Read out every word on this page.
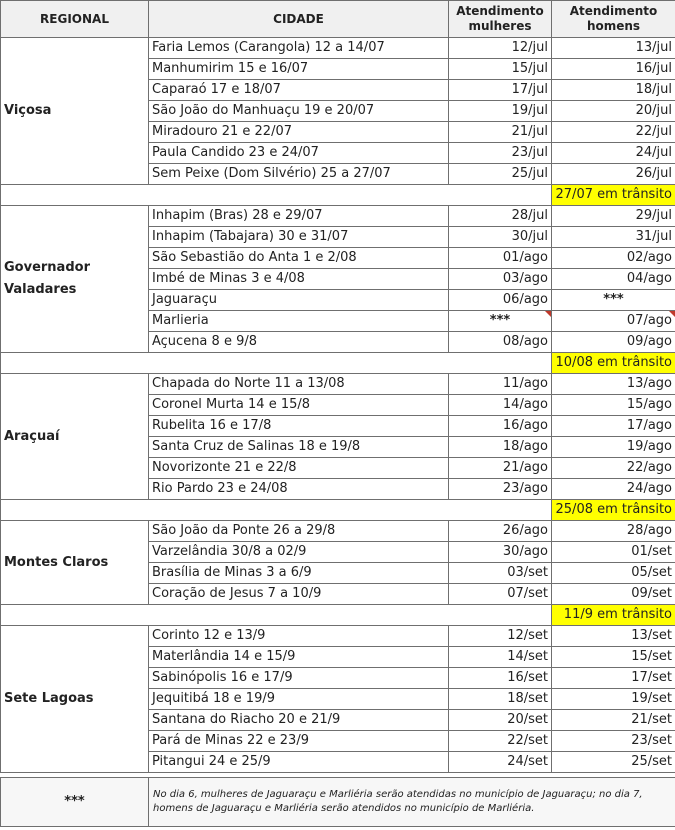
REGIONAL	CIDADE	Atendimento mulheres	Atendimento homens
Viçosa	Faria Lemos (Carangola) 12 a 14/07	12/jul	13/jul
	Manhumirim 15 e 16/07	15/jul	16/jul
	Caparaó 17 e 18/07	17/jul	18/jul
	São João do Manhuaçu 19 e 20/07	19/jul	20/jul
	Miradouro 21 e 22/07	21/jul	22/jul
	Paula Candido 23 e 24/07	23/jul	24/jul
	Sem Peixe (Dom Silvério) 25 a 27/07	25/jul	26/jul
			27/07 em trânsito
Governador Valadares	Inhapim (Bras) 28 e 29/07	28/jul	29/jul
	Inhapim (Tabajara) 30 e 31/07	30/jul	31/jul
	São Sebastião do Anta 1 e 2/08	01/ago	02/ago
	Imbé de Minas 3 e 4/08	03/ago	04/ago
	Jaguaraçu	06/ago	***
	Marlieria	***	07/ago
	Açucena 8 e 9/8	08/ago	09/ago
			10/08 em trânsito
Araçuaí	Chapada do Norte 11 a 13/08	11/ago	13/ago
	Coronel Murta 14 e 15/8	14/ago	15/ago
	Rubelita 16 e 17/8	16/ago	17/ago
	Santa Cruz de Salinas 18 e 19/8	18/ago	19/ago
	Novorizonte 21 e 22/8	21/ago	22/ago
	Rio Pardo 23 e 24/08	23/ago	24/ago
			25/08 em trânsito
Montes Claros	São João da Ponte 26 a 29/8	26/ago	28/ago
	Varzelândia 30/8 a 02/9	30/ago	01/set
	Brasília de Minas 3 a 6/9	03/set	05/set
	Coração de Jesus 7 a 10/9	07/set	09/set
			11/9 em trânsito
Sete Lagoas	Corinto 12 e 13/9	12/set	13/set
	Materlândia 14 e 15/9	14/set	15/set
	Sabinópolis 16 e 17/9	16/set	17/set
	Jequitibá 18 e 19/9	18/set	19/set
	Santana do Riacho 20 e 21/9	20/set	21/set
	Pará de Minas 22 e 23/9	22/set	23/set
	Pitangui 24 e 25/9	24/set	25/set

***	No dia 6, mulheres de Jaguaraçu e Marliéria serão atendidas no município de Jaguaraçu; no dia 7, homens de Jaguaraçu e Marliéria serão atendidos no município de Marliéria.		
